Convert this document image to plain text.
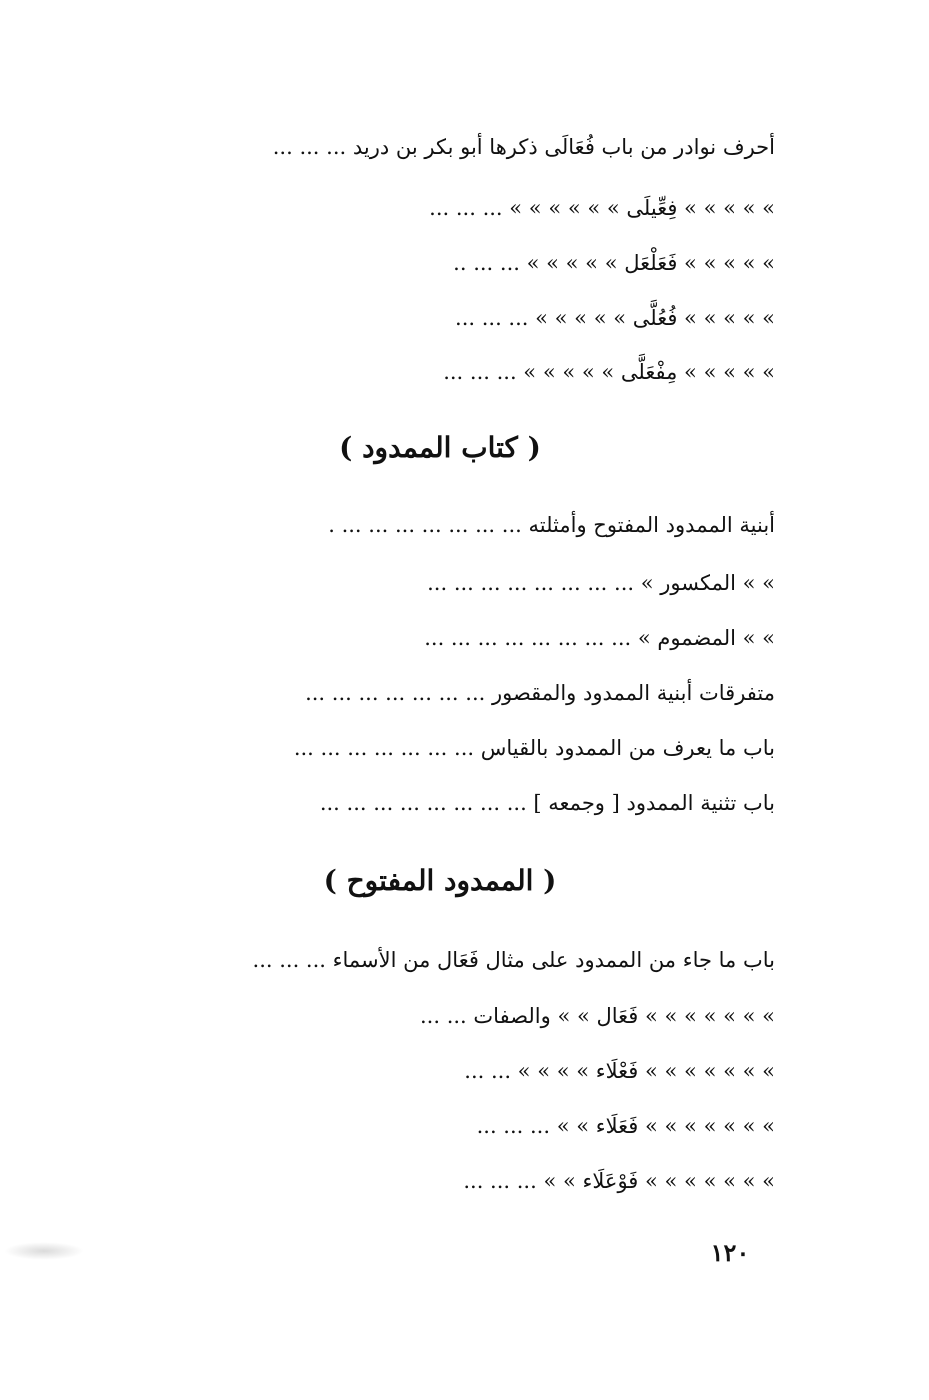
أحرف نوادر من باب فُعَالَى ذكرها أبو بكر بن دريد ... ... ...
» » » » » فِعِّيلَى » » » » » » ... ... ...
» » » » » فَعَلْعَل » » » » » ... ... ..
» » » » » فُعُلَّى » » » » » ... ... ...
» » » » » مِفْعَلَّى » » » » » ... ... ...
( كتاب الممدود )
أبنية الممدود المفتوح وأمثلته ... ... ... ... ... ... ... .
» » المكسور » ... ... ... ... ... ... ... ...
» » المضموم » ... ... ... ... ... ... ... ...
متفرقات أبنية الممدود والمقصور ... ... ... ... ... ... ...
باب ما يعرف من الممدود بالقياس ... ... ... ... ... ... ...
باب تثنية الممدود [ وجمعه ] ... ... ... ... ... ... ... ...
( الممدود المفتوح )
باب ما جاء من الممدود على مثال فَعَال من الأسماء ... ... ...
» » » » » » » فَعَال » » والصفات ... ...
» » » » » » » فَعْلَاء » » » » ... ...
» » » » » » » فَعَلَاء » » ... ... ...
» » » » » » » فَوْعَلَاء » » ... ... ...
١٢٠
